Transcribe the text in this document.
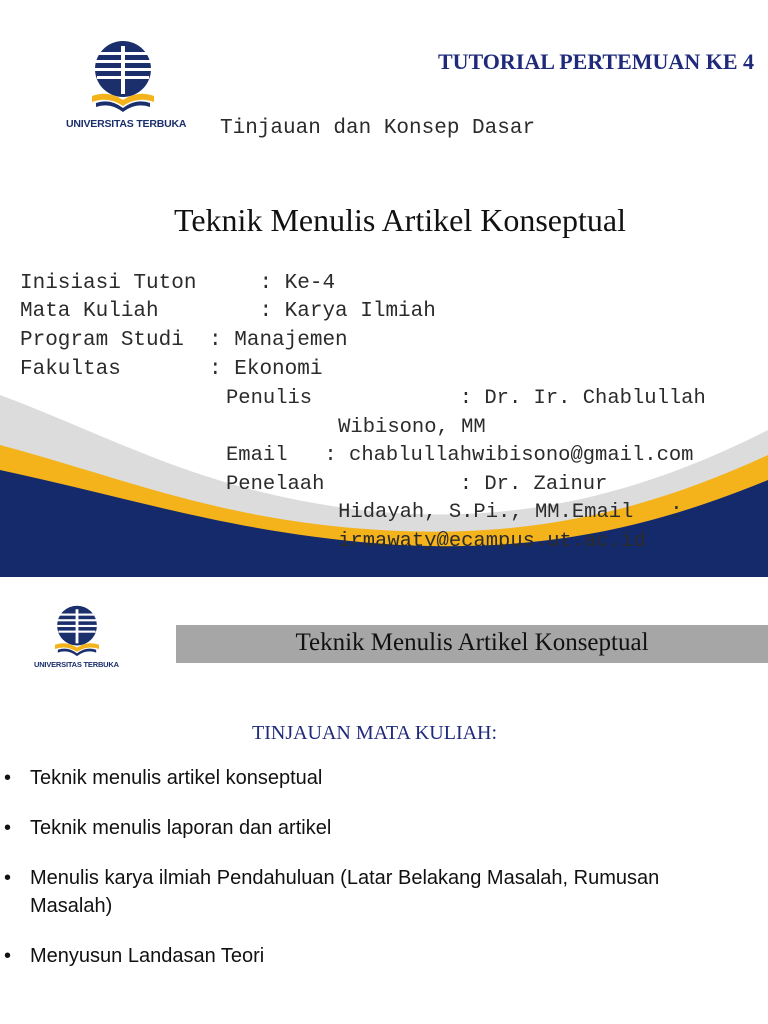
UNIVERSITAS TERBUKA
TUTORIAL PERTEMUAN KE 4
Tinjauan dan Konsep Dasar
Teknik Menulis Artikel Konseptual
Inisiasi Tuton     : Ke-4
Mata Kuliah        : Karya Ilmiah
Program Studi  : Manajemen
Fakultas       : Ekonomi
Penulis            : Dr. Ir. Chablullah
Wibisono, MM
Email   : chablullahwibisono@gmail.com
Penelaah           : Dr. Zainur
Hidayah, S.Pi., MM.Email   :
irmawaty@ecampus.ut.ac.id
UNIVERSITAS TERBUKA
Teknik Menulis Artikel Konseptual
TINJAUAN MATA KULIAH:
• Teknik menulis artikel konseptual
• Teknik menulis laporan dan artikel
• Menulis karya ilmiah Pendahuluan (Latar Belakang Masalah, Rumusan Masalah)
• Menyusun Landasan Teori
